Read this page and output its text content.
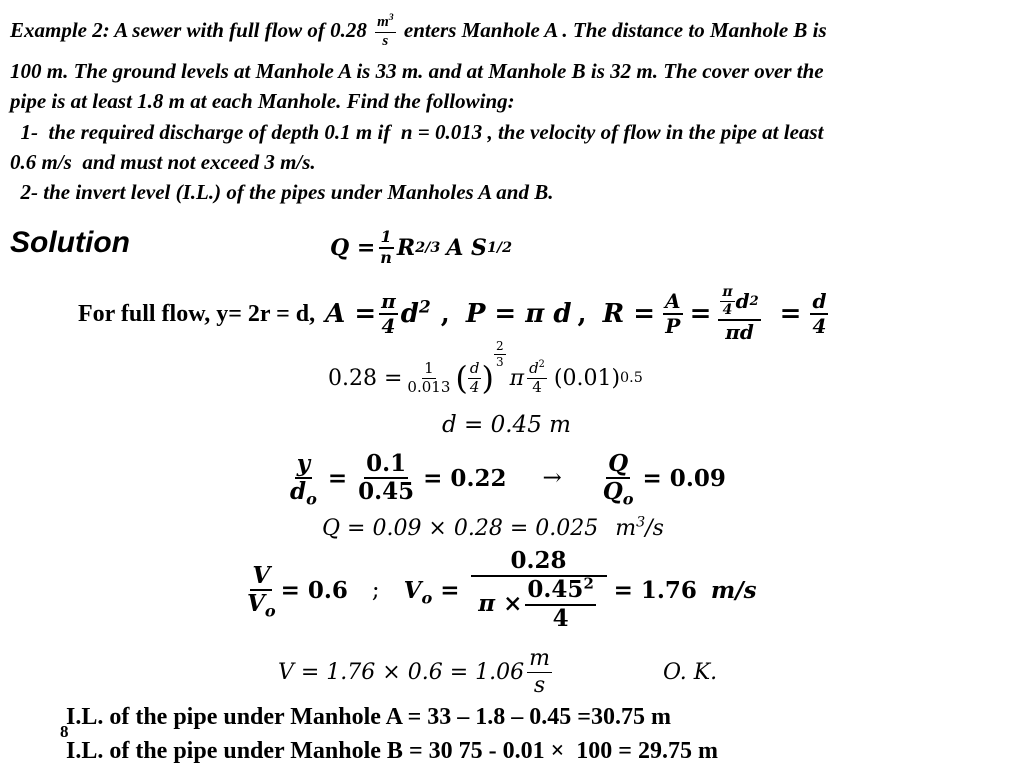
Example 2: A sewer with full flow of $0.28 \frac{m^3}{s}$ enters Manhole A . The distance to Manhole B is
100 m. The ground levels at Manhole A is 33 m. and at Manhole B is 32 m. The cover over the
pipe is at least 1.8 m at each Manhole. Find the following:
1-  the required discharge of depth 0.1 m if  n = 0.013 , the velocity of flow in the pipe at least
0.6 m/s  and must not exceed 3 m/s.
2- the invert level (I.L.) of the pipes under Manholes A and B.
Solution	$Q = \frac{1}{n}$ R 2/3 A S 1/2
For full flow, y= 2r = d, $A = \frac{\pi}{4} d^2$ , P = π d , $R = \frac{A}{P} = \frac{\frac{\pi}{4} d 2}{\pi d} = \frac{d}{4}$
$0.28 = \frac{1}{0.013}$ ( $\frac{d}{4}$ )
$\frac{2}{3}$
π $\frac{d^2}{4} (0.01)$ 0.5
d = 0.45 m
$\frac{y}{d_o} = \frac{0.1}{0.45} = 0.22 \to \frac{Q}{Q_o} = 0.09$
Q = 0.09 × 0.28 = 0.025 $m^3/s$
$\frac{V}{V_o} = 0.6$ ; $V_o = \frac{0.28}{\pi \times \frac{0.45^2}{4}} = 1.76$ m/s
$V = 1.76 \times 0.6 = 1.06 \frac{m}{s}$	O. K.
I.L. of the pipe under Manhole A = 33 – 1.8 – 0.45 =30.75 m
8
I.L. of the pipe under Manhole B = 30 75 - 0.01 ×  100 = 29.75 m
